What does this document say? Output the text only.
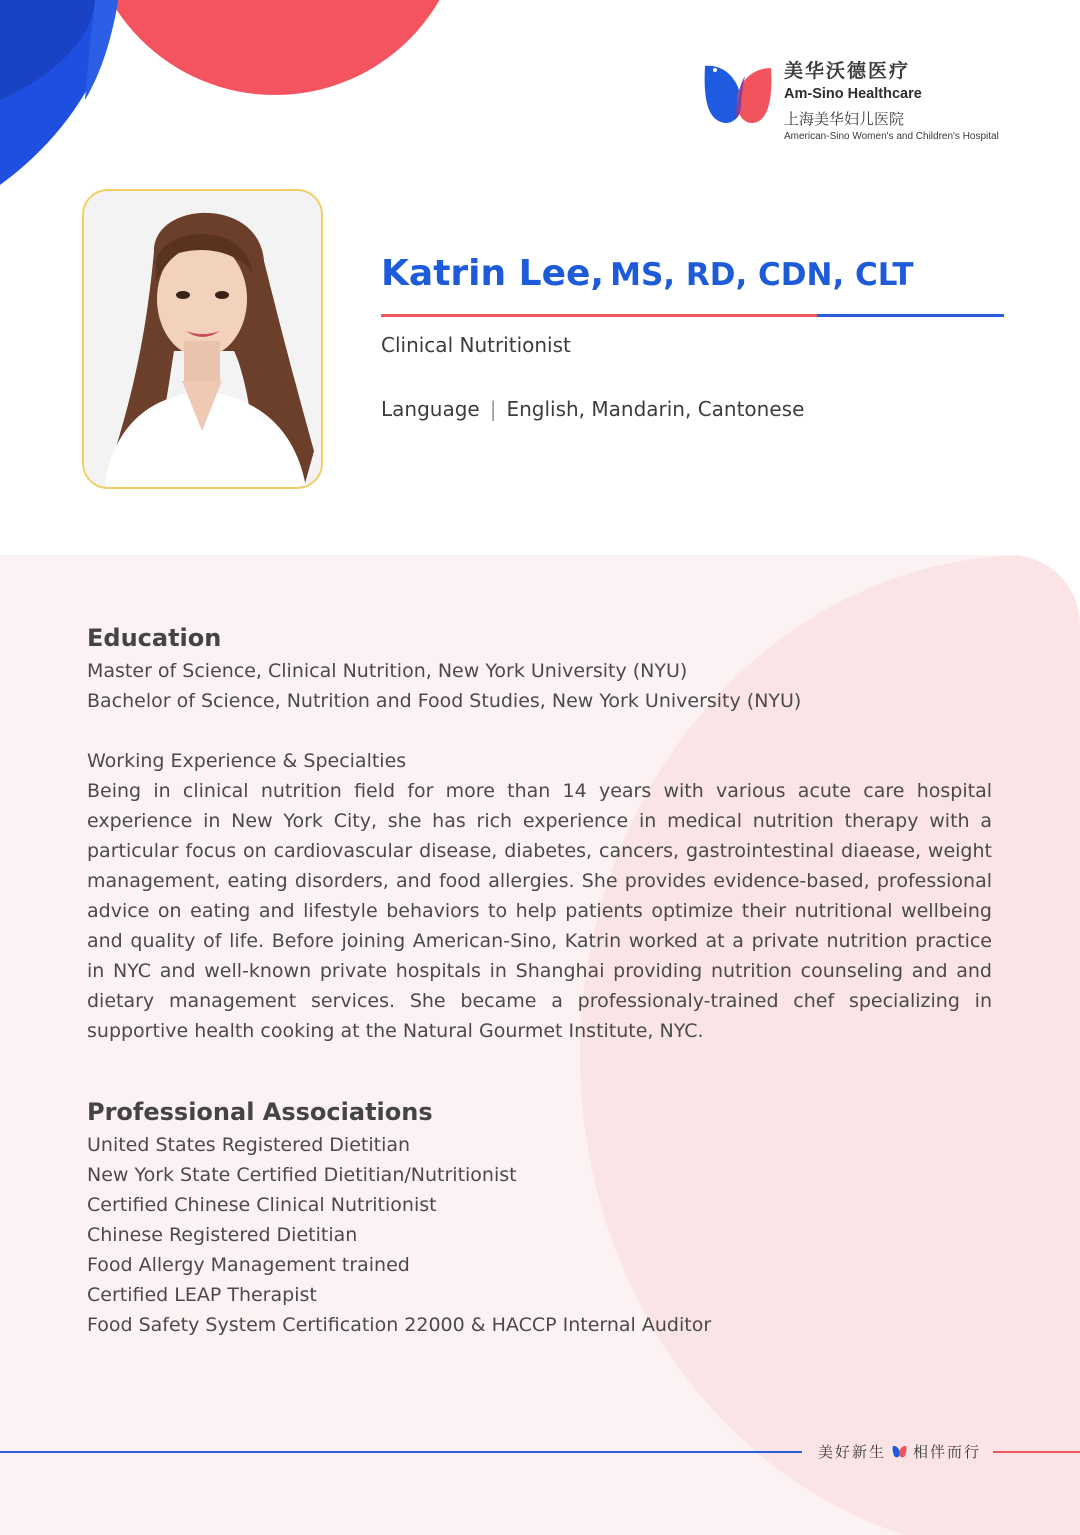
美华沃德医疗
Am-Sino Healthcare
上海美华妇儿医院
American-Sino Women's and Children's Hospital
Katrin Lee, MS, RD, CDN, CLT
Clinical Nutritionist
Language | English, Mandarin, Cantonese
Education

Master of Science, Clinical Nutrition, New York University (NYU)

Bachelor of Science, Nutrition and Food Studies, New York University (NYU)

Working Experience & Specialties

Being in clinical nutrition field for more than 14 years with various acute care hospital experience in New York City, she has rich experience in medical nutrition therapy with a particular focus on cardiovascular disease, diabetes, cancers, gastrointestinal diaease, weight management, eating disorders, and food allergies. She provides evidence-based, professional advice on eating and lifestyle behaviors to help patients optimize their nutritional wellbeing and quality of life. Before joining American-Sino, Katrin worked at a private nutrition practice in NYC and well-known private hospitals in Shanghai providing nutrition counseling and and dietary management services. She became a professionaly-trained chef specializing in supportive health cooking at the Natural Gourmet Institute, NYC.

Professional Associations

United States Registered Dietitian

New York State Certified Dietitian/Nutritionist

Certified Chinese Clinical Nutritionist

Chinese Registered Dietitian

Food Allergy Management trained

Certified LEAP Therapist

Food Safety System Certification 22000 & HACCP Internal Auditor

美好新生 相伴而行
